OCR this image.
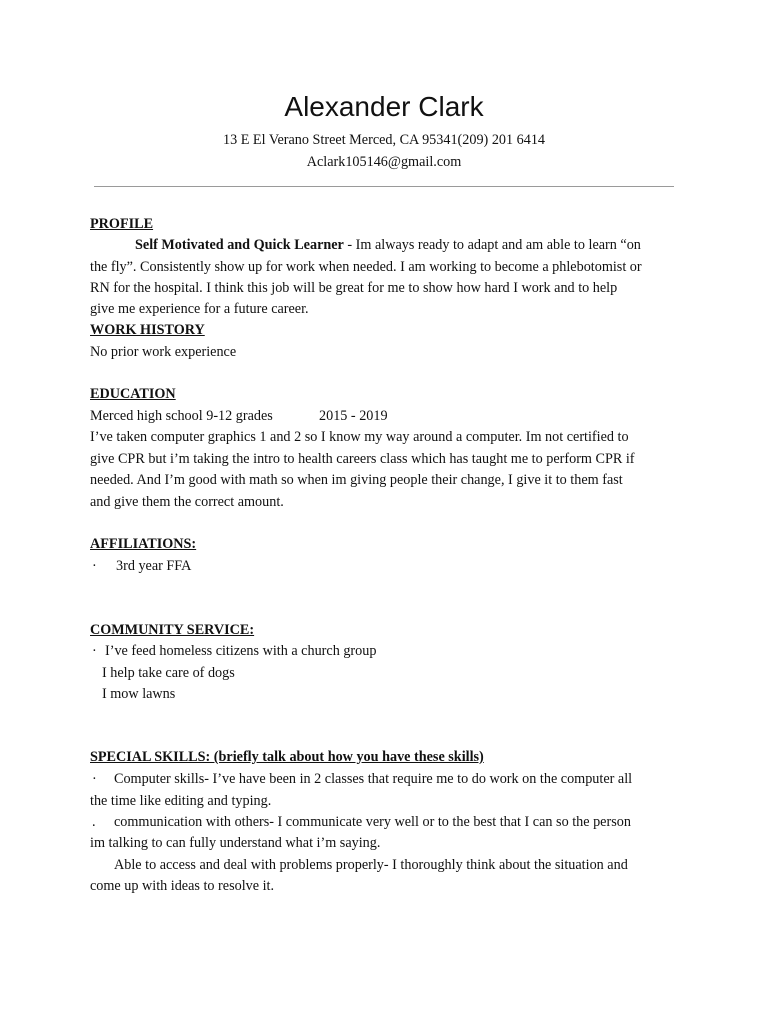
Alexander Clark
13 E El Verano Street Merced, CA 95341(209) 201 6414
Aclark105146@gmail.com
PROFILE
Self Motivated and Quick Learner - Im always ready to adapt and am able to learn “on
the fly”. Consistently show up for work when needed. I am working to become a phlebotomist or
RN for the hospital. I think this job will be great for me to show how hard I work and to help
give me experience for a future career.
WORK HISTORY
No prior work experience
EDUCATION
Merced high school 9-12 grades	2015 - 2019
I’ve taken computer graphics 1 and 2 so I know my way around a computer. Im not certified to
give CPR but i’m taking the intro to health careers class which has taught me to perform CPR if
needed. And I’m good with math so when im giving people their change, I give it to them fast
and give them the correct amount.
AFFILIATIONS:
· 3rd year FFA
COMMUNITY SERVICE:
· I’ve feed homeless citizens with a church group
I help take care of dogs
I mow lawns
SPECIAL SKILLS: (briefly talk about how you have these skills)
· Computer skills- I’ve have been in 2 classes that require me to do work on the computer all
the time like editing and typing.
. communication with others- I communicate very well or to the best that I can so the person
im talking to can fully understand what i’m saying.
Able to access and deal with problems properly- I thoroughly think about the situation and
come up with ideas to resolve it.
